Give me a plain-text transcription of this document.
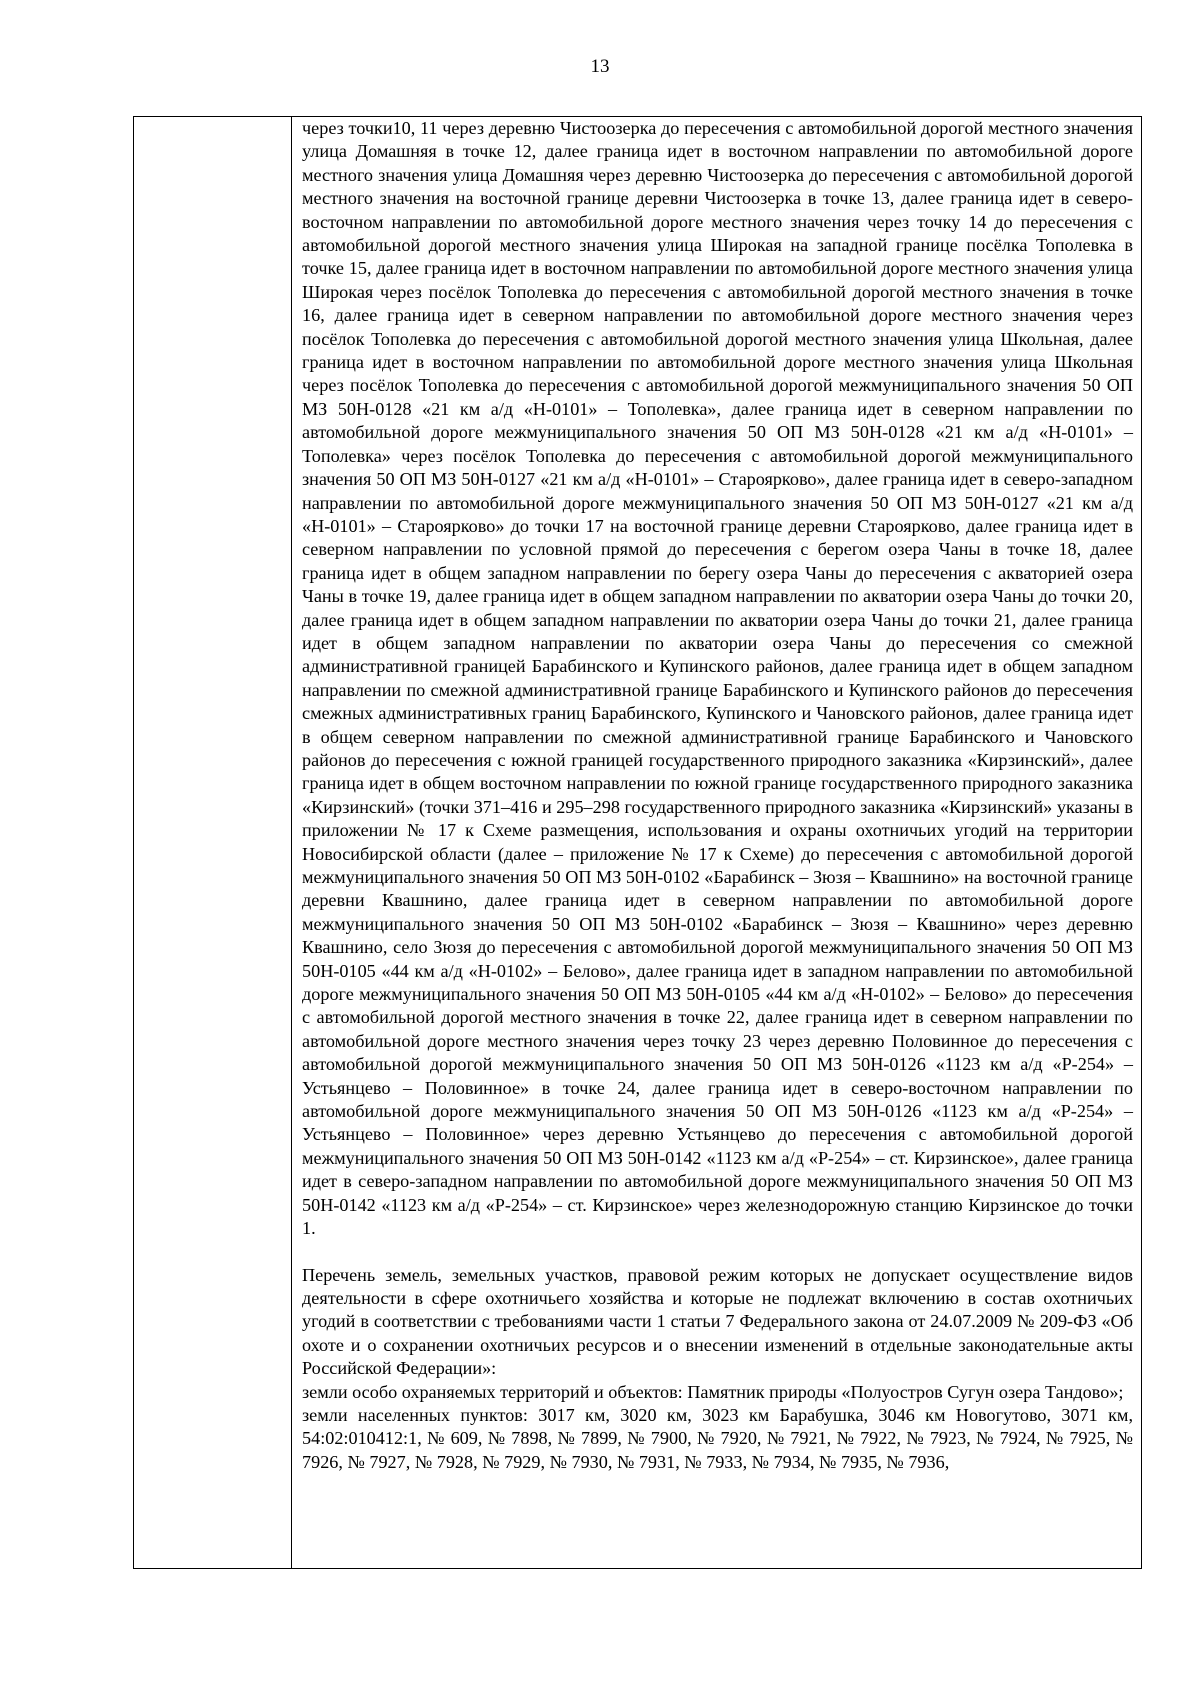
13

через точки10, 11 через деревню Чистоозерка до пересечения с автомобильной дорогой местного значения улица Домашняя в точке 12, далее граница идет в восточном направлении по автомобильной дороге местного значения улица Домашняя через деревню Чистоозерка до пересечения с автомобильной дорогой местного значения на восточной границе деревни Чистоозерка в точке 13, далее граница идет в северо-восточном направлении по автомобильной дороге местного значения через точку 14 до пересечения с автомобильной дорогой местного значения улица Широкая на западной границе посёлка Тополевка в точке 15, далее граница идет в восточном направлении по автомобильной дороге местного значения улица Широкая через посёлок Тополевка до пересечения с автомобильной дорогой местного значения в точке 16, далее граница идет в северном направлении по автомобильной дороге местного значения через посёлок Тополевка до пересечения с автомобильной дорогой местного значения улица Школьная, далее граница идет в восточном направлении по автомобильной дороге местного значения улица Школьная через посёлок Тополевка до пересечения с автомобильной дорогой межмуниципального значения 50 ОП МЗ 50Н-0128 «21 км а/д «Н-0101» – Тополевка», далее граница идет в северном направлении по автомобильной дороге межмуниципального значения 50 ОП МЗ 50Н-0128 «21 км а/д «Н-0101» – Тополевка» через посёлок Тополевка до пересечения с автомобильной дорогой межмуниципального значения 50 ОП МЗ 50Н-0127 «21 км а/д «Н-0101» – Староярково», далее граница идет в северо-западном направлении по автомобильной дороге межмуниципального значения 50 ОП МЗ 50Н-0127 «21 км а/д «Н-0101» – Староярково» до точки 17 на восточной границе деревни Староярково, далее граница идет в северном направлении по условной прямой до пересечения с берегом озера Чаны в точке 18, далее граница идет в общем западном направлении по берегу озера Чаны до пересечения с акваторией озера Чаны в точке 19, далее граница идет в общем западном направлении по акватории озера Чаны до точки 20, далее граница идет в общем западном направлении по акватории озера Чаны до точки 21, далее граница идет в общем западном направлении по акватории озера Чаны до пересечения со смежной административной границей Барабинского и Купинского районов, далее граница идет в общем западном направлении по смежной административной границе Барабинского и Купинского районов до пересечения смежных административных границ Барабинского, Купинского и Чановского районов, далее граница идет в общем северном направлении по смежной административной границе Барабинского и Чановского районов до пересечения с южной границей государственного природного заказника «Кирзинский», далее граница идет в общем восточном направлении по южной границе государственного природного заказника «Кирзинский» (точки 371–416 и 295–298 государственного природного заказника «Кирзинский» указаны в приложении № 17 к Схеме размещения, использования и охраны охотничьих угодий на территории Новосибирской области (далее – приложение № 17 к Схеме) до пересечения с автомобильной дорогой межмуниципального значения 50 ОП МЗ 50Н-0102 «Барабинск – Зюзя – Квашнино» на восточной границе деревни Квашнино, далее граница идет в северном направлении по автомобильной дороге межмуниципального значения 50 ОП МЗ 50Н-0102 «Барабинск – Зюзя – Квашнино» через деревню Квашнино, село Зюзя до пересечения с автомобильной дорогой межмуниципального значения 50 ОП МЗ 50Н-0105 «44 км а/д «Н-0102» – Белово», далее граница идет в западном направлении по автомобильной дороге межмуниципального значения 50 ОП МЗ 50Н-0105 «44 км а/д «Н-0102» – Белово» до пересечения с автомобильной дорогой местного значения в точке 22, далее граница идет в северном направлении по автомобильной дороге местного значения через точку 23 через деревню Половинное до пересечения с автомобильной дорогой межмуниципального значения 50 ОП МЗ 50Н-0126 «1123 км а/д «Р-254» – Устьянцево – Половинное» в точке 24, далее граница идет в северо-восточном направлении по автомобильной дороге межмуниципального значения 50 ОП МЗ 50Н-0126 «1123 км а/д «Р-254» – Устьянцево – Половинное» через деревню Устьянцево до пересечения с автомобильной дорогой межмуниципального значения 50 ОП МЗ 50Н-0142 «1123 км а/д «Р-254» – ст. Кирзинское», далее граница идет в северо-западном направлении по автомобильной дороге межмуниципального значения 50 ОП МЗ 50Н-0142 «1123 км а/д «Р-254» – ст. Кирзинское» через железнодорожную станцию Кирзинское до точки 1.

Перечень земель, земельных участков, правовой режим которых не допускает осуществление видов деятельности в сфере охотничьего хозяйства и которые не подлежат включению в состав охотничьих угодий в соответствии с требованиями части 1 статьи 7 Федерального закона от 24.07.2009 № 209-ФЗ «Об охоте и о сохранении охотничьих ресурсов и о внесении изменений в отдельные законодательные акты Российской Федерации»:

земли особо охраняемых территорий и объектов: Памятник природы «Полуостров Сугун озера Тандово»;

земли населенных пунктов: 3017 км, 3020 км, 3023 км Барабушка, 3046 км Новогутово, 3071 км, 54:02:010412:1, № 609, № 7898, № 7899, № 7900, № 7920, № 7921, № 7922, № 7923, № 7924, № 7925, № 7926, № 7927, № 7928, № 7929, № 7930, № 7931, № 7933, № 7934, № 7935, № 7936,
